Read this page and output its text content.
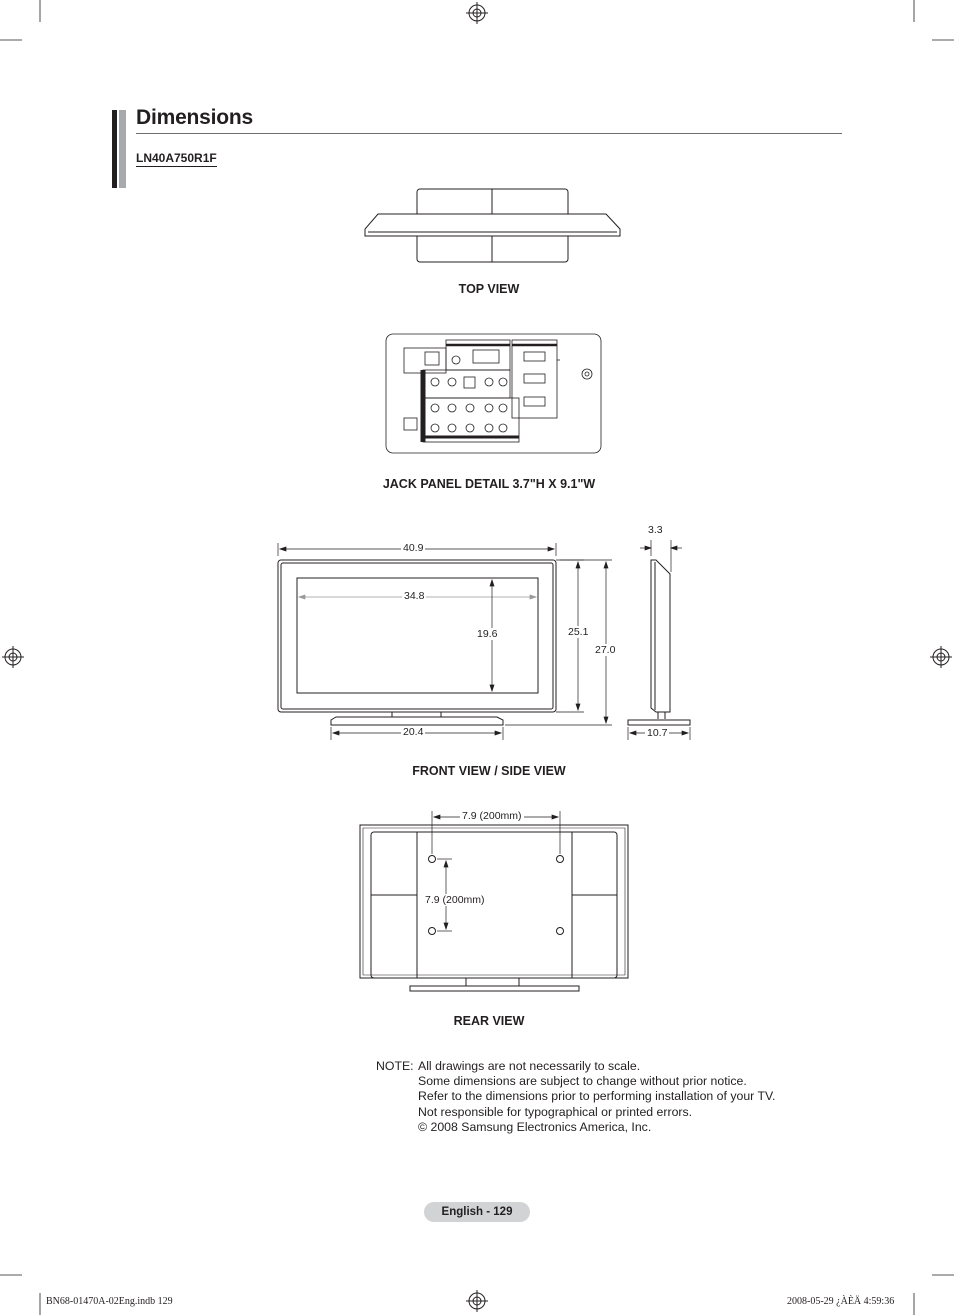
Dimensions
LN40A750R1F
40.9
34.8
19.6	25.1
27.0
20.4
3.3
10.7
7.9 (200mm)
7.9 (200mm)
TOP VIEW
JACK PANEL DETAIL 3.7"H X 9.1"W
FRONT VIEW / SIDE VIEW
REAR VIEW
NOTE: All drawings are not necessarily to scale.
Some dimensions are subject to change without prior notice.
Refer to the dimensions prior to performing installation of your TV.
Not responsible for typographical or printed errors.
© 2008 Samsung Electronics America, Inc.
English - 129
BN68-01470A-02Eng.indb 129	2008-05-29 ¿ÀÈÄ 4:59:36
